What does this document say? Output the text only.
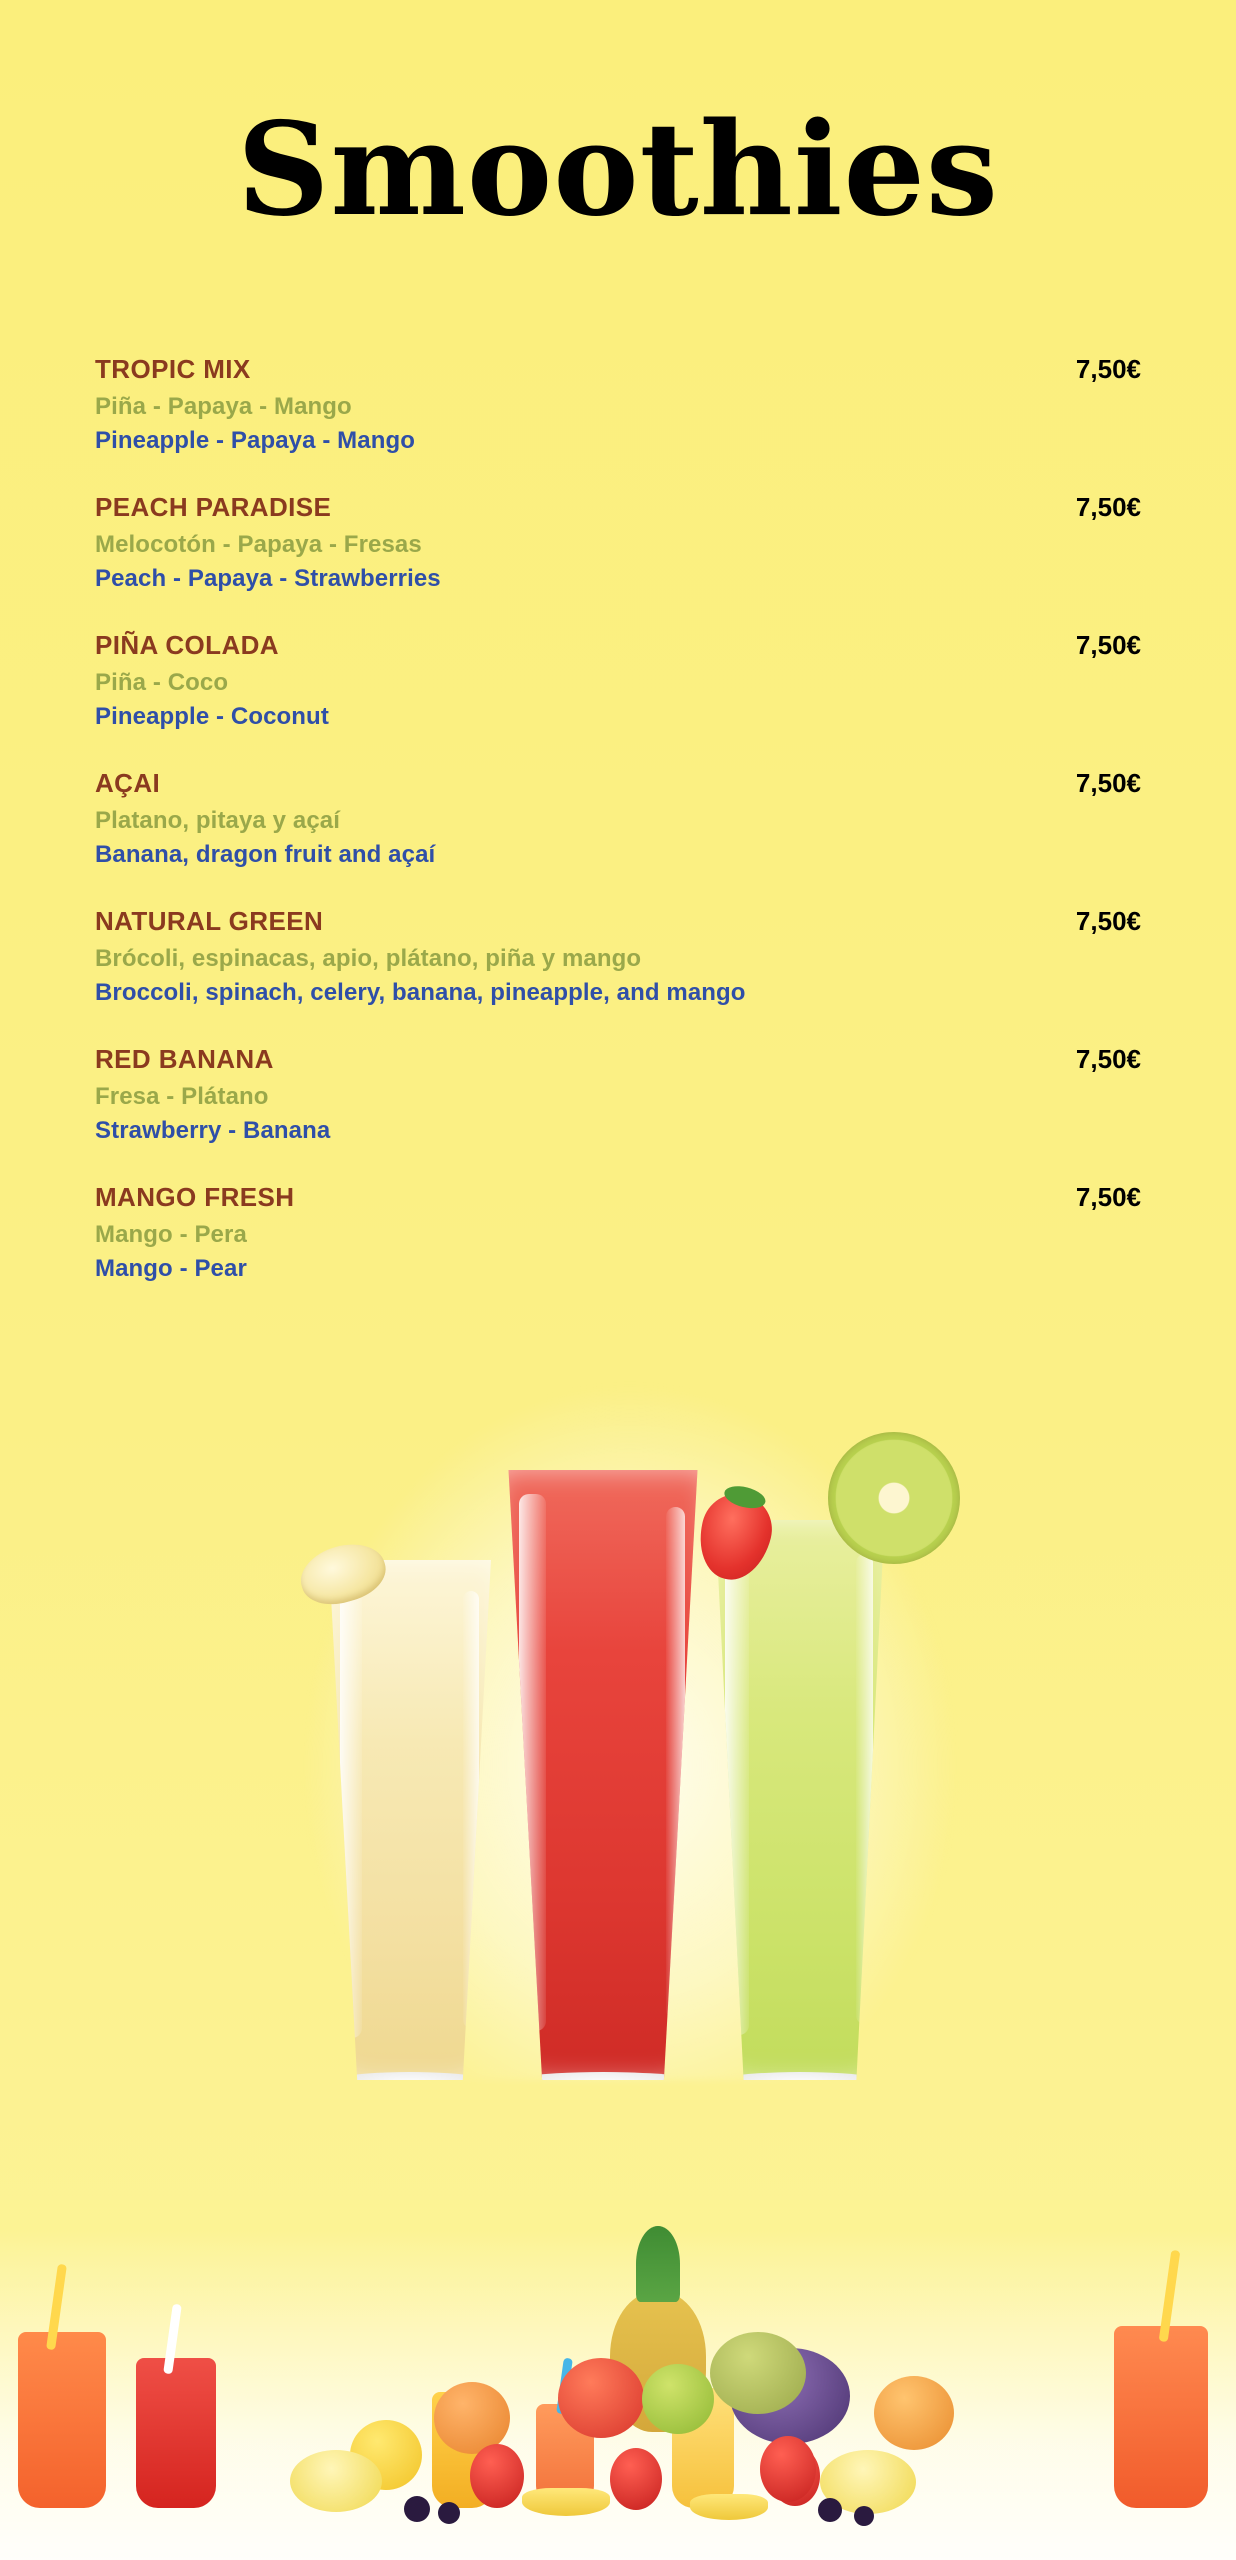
Smoothies
TROPIC MIX	7,50€
Piña - Papaya - Mango
Pineapple - Papaya - Mango
PEACH PARADISE	7,50€
Melocotón - Papaya - Fresas
Peach - Papaya - Strawberries
PIÑA COLADA	7,50€
Piña - Coco
Pineapple - Coconut
AÇAI	7,50€
Platano, pitaya y açaí
Banana, dragon fruit and açaí
NATURAL GREEN	7,50€
Brócoli, espinacas, apio, plátano, piña y mango
Broccoli, spinach, celery, banana, pineapple, and mango
RED BANANA	7,50€
Fresa - Plátano
Strawberry - Banana
MANGO FRESH	7,50€
Mango - Pera
Mango - Pear
